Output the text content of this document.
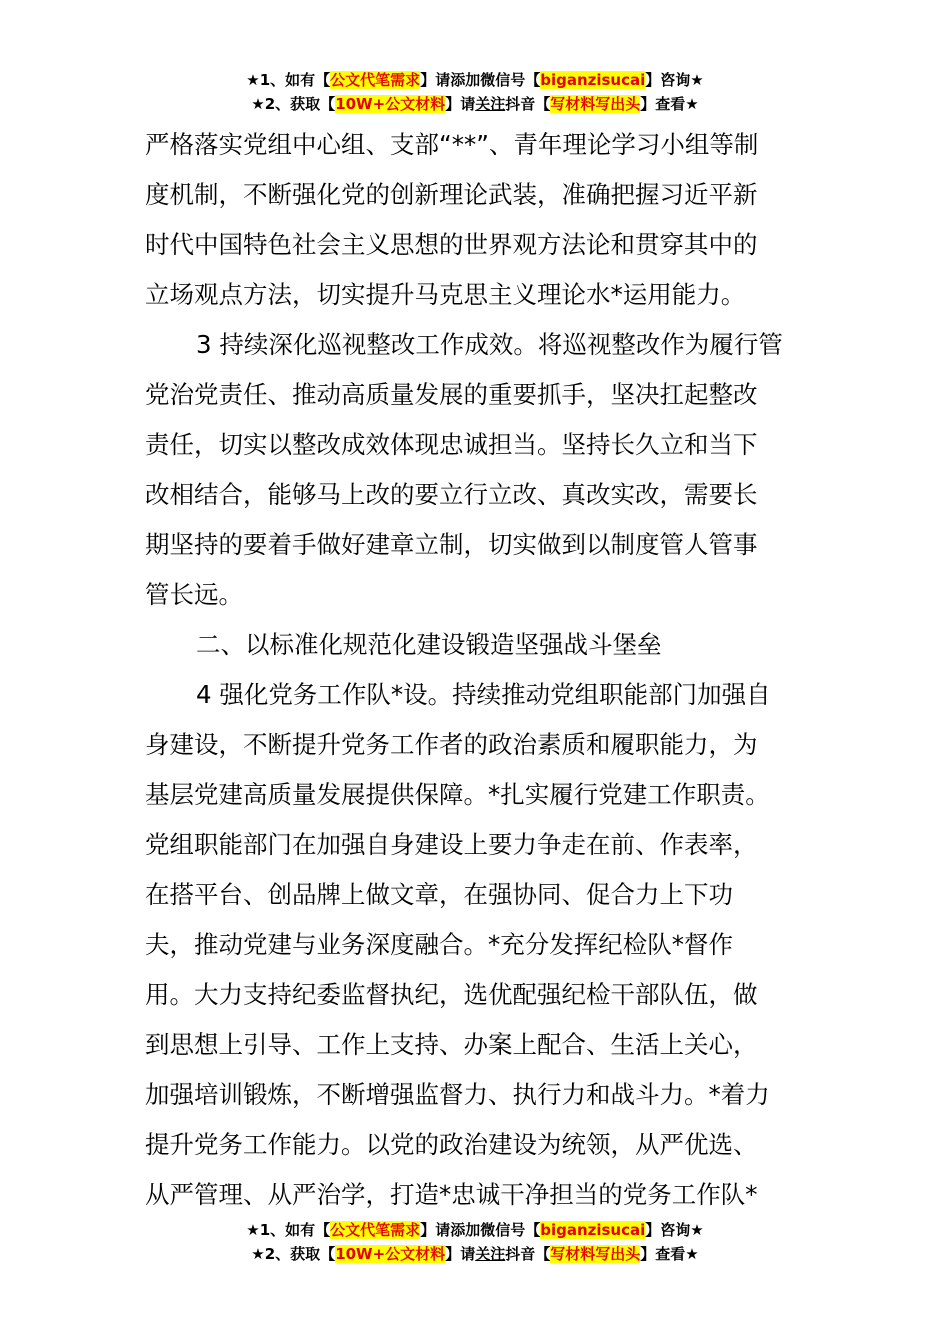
★1、如有【公文代笔需求】请添加微信号【biganzisucai】咨询★
★2、获取【10W+公文材料】请关注抖音【写材料写出头】查看★
严格落实党组中心组、支部“**”、青年理论学习小组等制
度机制，不断强化党的创新理论武装，准确把握习近平新
时代中国特色社会主义思想的世界观方法论和贯穿其中的
立场观点方法，切实提升马克思主义理论水*运用能力。
3 持续深化巡视整改工作成效。将巡视整改作为履行管
党治党责任、推动高质量发展的重要抓手，坚决扛起整改
责任，切实以整改成效体现忠诚担当。坚持长久立和当下
改相结合，能够马上改的要立行立改、真改实改，需要长
期坚持的要着手做好建章立制，切实做到以制度管人管事
管长远。
二、以标准化规范化建设锻造坚强战斗堡垒
4 强化党务工作队*设。持续推动党组职能部门加强自
身建设，不断提升党务工作者的政治素质和履职能力，为
基层党建高质量发展提供保障。*扎实履行党建工作职责。
党组职能部门在加强自身建设上要力争走在前、作表率，
在搭平台、创品牌上做文章，在强协同、促合力上下功
夫，推动党建与业务深度融合。*充分发挥纪检队*督作
用。大力支持纪委监督执纪，选优配强纪检干部队伍，做
到思想上引导、工作上支持、办案上配合、生活上关心，
加强培训锻炼，不断增强监督力、执行力和战斗力。*着力
提升党务工作能力。以党的政治建设为统领，从严优选、
从严管理、从严治学，打造*忠诚干净担当的党务工作队*
★1、如有【公文代笔需求】请添加微信号【biganzisucai】咨询★
★2、获取【10W+公文材料】请关注抖音【写材料写出头】查看★
